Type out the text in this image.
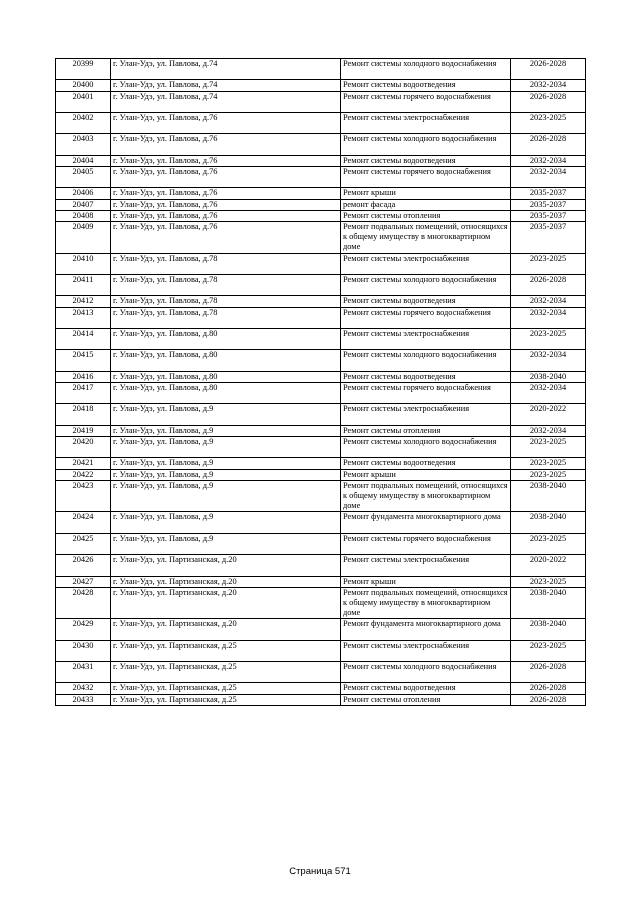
20399	г. Улан-Удэ, ул. Павлова, д.74	Ремонт системы холодного водоснабжения	2026-2028
20400	г. Улан-Удэ, ул. Павлова, д.74	Ремонт системы водоотведения	2032-2034
20401	г. Улан-Удэ, ул. Павлова, д.74	Ремонт системы горячего водоснабжения	2026-2028
20402	г. Улан-Удэ, ул. Павлова, д.76	Ремонт системы электроснабжения	2023-2025
20403	г. Улан-Удэ, ул. Павлова, д.76	Ремонт системы холодного водоснабжения	2026-2028
20404	г. Улан-Удэ, ул. Павлова, д.76	Ремонт системы водоотведения	2032-2034
20405	г. Улан-Удэ, ул. Павлова, д.76	Ремонт системы горячего водоснабжения	2032-2034
20406	г. Улан-Удэ, ул. Павлова, д.76	Ремонт крыши	2035-2037
20407	г. Улан-Удэ, ул. Павлова, д.76	ремонт фасада	2035-2037
20408	г. Улан-Удэ, ул. Павлова, д.76	Ремонт системы отопления	2035-2037
20409	г. Улан-Удэ, ул. Павлова, д.76	Ремонт подвальных помещений, относящихся к общему имуществу в многоквартирном доме	2035-2037
20410	г. Улан-Удэ, ул. Павлова, д.78	Ремонт системы электроснабжения	2023-2025
20411	г. Улан-Удэ, ул. Павлова, д.78	Ремонт системы холодного водоснабжения	2026-2028
20412	г. Улан-Удэ, ул. Павлова, д.78	Ремонт системы водоотведения	2032-2034
20413	г. Улан-Удэ, ул. Павлова, д.78	Ремонт системы горячего водоснабжения	2032-2034
20414	г. Улан-Удэ, ул. Павлова, д.80	Ремонт системы электроснабжения	2023-2025
20415	г. Улан-Удэ, ул. Павлова, д.80	Ремонт системы холодного водоснабжения	2032-2034
20416	г. Улан-Удэ, ул. Павлова, д.80	Ремонт системы водоотведения	2038-2040
20417	г. Улан-Удэ, ул. Павлова, д.80	Ремонт системы горячего водоснабжения	2032-2034
20418	г. Улан-Удэ, ул. Павлова, д.9	Ремонт системы электроснабжения	2020-2022
20419	г. Улан-Удэ, ул. Павлова, д.9	Ремонт системы отопления	2032-2034
20420	г. Улан-Удэ, ул. Павлова, д.9	Ремонт системы холодного водоснабжения	2023-2025
20421	г. Улан-Удэ, ул. Павлова, д.9	Ремонт системы водоотведения	2023-2025
20422	г. Улан-Удэ, ул. Павлова, д.9	Ремонт крыши	2023-2025
20423	г. Улан-Удэ, ул. Павлова, д.9	Ремонт подвальных помещений, относящихся к общему имуществу в многоквартирном доме	2038-2040
20424	г. Улан-Удэ, ул. Павлова, д.9	Ремонт фундамента многоквартирного дома	2038-2040
20425	г. Улан-Удэ, ул. Павлова, д.9	Ремонт системы горячего водоснабжения	2023-2025
20426	г. Улан-Удэ, ул. Партизанская, д.20	Ремонт системы электроснабжения	2020-2022
20427	г. Улан-Удэ, ул. Партизанская, д.20	Ремонт крыши	2023-2025
20428	г. Улан-Удэ, ул. Партизанская, д.20	Ремонт подвальных помещений, относящихся к общему имуществу в многоквартирном доме	2038-2040
20429	г. Улан-Удэ, ул. Партизанская, д.20	Ремонт фундамента многоквартирного дома	2038-2040
20430	г. Улан-Удэ, ул. Партизанская, д.25	Ремонт системы электроснабжения	2023-2025
20431	г. Улан-Удэ, ул. Партизанская, д.25	Ремонт системы холодного водоснабжения	2026-2028
20432	г. Улан-Удэ, ул. Партизанская, д.25	Ремонт системы водоотведения	2026-2028
20433	г. Улан-Удэ, ул. Партизанская, д.25	Ремонт системы отопления	2026-2028
Страница 571
